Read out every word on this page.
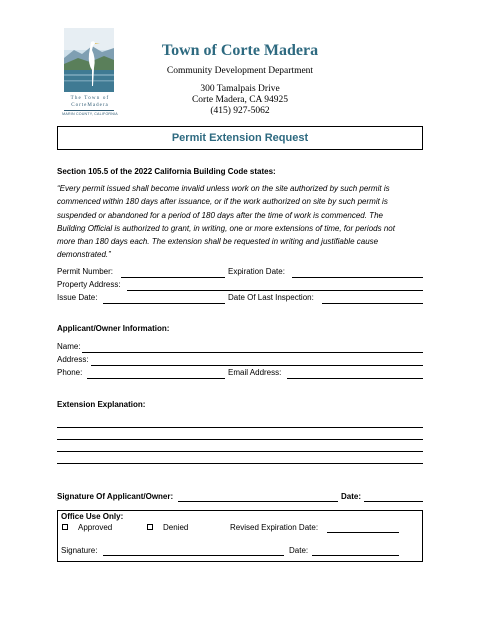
The Town of
CorteMadera
MARIN COUNTY, CALIFORNIA
Town of Corte Madera
Community Development Department
300 Tamalpais Drive
Corte Madera, CA 94925
(415) 927-5062
Permit Extension Request
Section 105.5 of the 2022 California Building Code states:
“Every permit issued shall become invalid unless work on the site authorized by such permit is
commenced within 180 days after issuance, or if the work authorized on site by such permit is
suspended or abandoned for a period of 180 days after the time of work is commenced. The
Building Official is authorized to grant, in writing, one or more extensions of time, for periods not
more than 180 days each. The extension shall be requested in writing and justifiable cause
demonstrated.”
Permit Number:	Expiration Date:
Property Address:
Issue Date:	Date Of Last Inspection:
Applicant/Owner Information:
Name:
Address:
Phone:	Email Address:
Extension Explanation:
Signature Of Applicant/Owner:	Date:
Office Use Only:
Approved	Denied	Revised Expiration Date:
Signature:	Date:
